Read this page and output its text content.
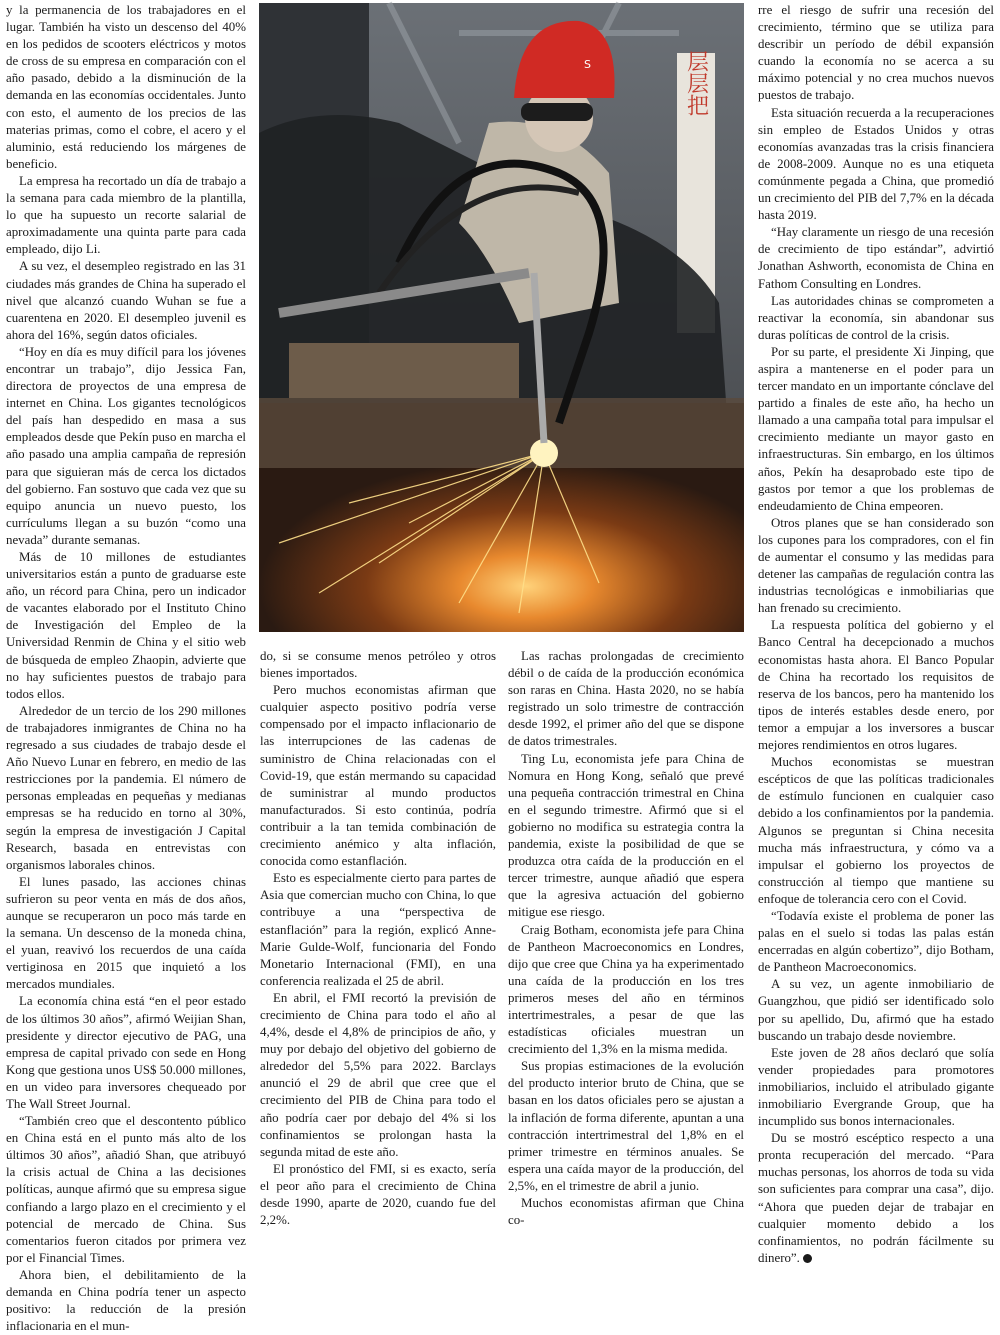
y la permanencia de los trabajadores en el lugar. También ha visto un descenso del 40% en los pedidos de scooters eléctricos y motos de cross de su empresa en comparación con el año pasado, debido a la disminución de la demanda en las economías occidentales. Junto con esto, el aumento de los precios de las materias primas, como el cobre, el acero y el aluminio, está reduciendo los márgenes de beneficio.

La empresa ha recortado un día de trabajo a la semana para cada miembro de la plantilla, lo que ha supuesto un recorte salarial de aproximadamente una quinta parte para cada empleado, dijo Li.

A su vez, el desempleo registrado en las 31 ciudades más grandes de China ha superado el nivel que alcanzó cuando Wuhan se fue a cuarentena en 2020. El desempleo juvenil es ahora del 16%, según datos oficiales.

“Hoy en día es muy difícil para los jóvenes encontrar un trabajo”, dijo Jessica Fan, directora de proyectos de una empresa de internet en China. Los gigantes tecnológicos del país han despedido en masa a sus empleados desde que Pekín puso en marcha el año pasado una amplia campaña de represión para que siguieran más de cerca los dictados del gobierno. Fan sostuvo que cada vez que su equipo anuncia un nuevo puesto, los currículums llegan a su buzón “como una nevada” durante semanas.

Más de 10 millones de estudiantes universitarios están a punto de graduarse este año, un récord para China, pero un indicador de vacantes elaborado por el Instituto Chino de Investigación del Empleo de la Universidad Renmin de China y el sitio web de búsqueda de empleo Zhaopin, advierte que no hay suficientes puestos de trabajo para todos ellos.

Alrededor de un tercio de los 290 millones de trabajadores inmigrantes de China no ha regresado a sus ciudades de trabajo desde el Año Nuevo Lunar en febrero, en medio de las restricciones por la pandemia. El número de personas empleadas en pequeñas y medianas empresas se ha reducido en torno al 30%, según la empresa de investigación J Capital Research, basada en entrevistas con organismos laborales chinos.

El lunes pasado, las acciones chinas sufrieron su peor venta en más de dos años, aunque se recuperaron un poco más tarde en la semana. Un descenso de la moneda china, el yuan, reavivó los recuerdos de una caída vertiginosa en 2015 que inquietó a los mercados mundiales.

La economía china está “en el peor estado de los últimos 30 años”, afirmó Weijian Shan, presidente y director ejecutivo de PAG, una empresa de capital privado con sede en Hong Kong que gestiona unos US$ 50.000 millones, en un video para inversores chequeado por The Wall Street Journal.

“También creo que el descontento público en China está en el punto más alto de los últimos 30 años”, añadió Shan, que atribuyó la crisis actual de China a las decisiones políticas, aunque afirmó que su empresa sigue confiando a largo plazo en el crecimiento y el potencial de mercado de China. Sus comentarios fueron citados por primera vez por el Financial Times.

Ahora bien, el debilitamiento de la demanda en China podría tener un aspecto positivo: la reducción de la presión inflacionaria en el mun-

层层把
S

do, si se consume menos petróleo y otros bienes importados.

Pero muchos economistas afirman que cualquier aspecto positivo podría verse compensado por el impacto inflacionario de las interrupciones de las cadenas de suministro de China relacionadas con el Covid-19, que están mermando su capacidad de suministrar al mundo productos manufacturados. Si esto continúa, podría contribuir a la tan temida combinación de crecimiento anémico y alta inflación, conocida como estanflación.

Esto es especialmente cierto para partes de Asia que comercian mucho con China, lo que contribuye a una “perspectiva de estanflación” para la región, explicó Anne-Marie Gulde-Wolf, funcionaria del Fondo Monetario Internacional (FMI), en una conferencia realizada el 25 de abril.

En abril, el FMI recortó la previsión de crecimiento de China para todo el año al 4,4%, desde el 4,8% de principios de año, y muy por debajo del objetivo del gobierno de alrededor del 5,5% para 2022. Barclays anunció el 29 de abril que cree que el crecimiento del PIB de China para todo el año podría caer por debajo del 4% si los confinamientos se prolongan hasta la segunda mitad de este año.

El pronóstico del FMI, si es exacto, sería el peor año para el crecimiento de China desde 1990, aparte de 2020, cuando fue del 2,2%.

Las rachas prolongadas de crecimiento débil o de caída de la producción económica son raras en China. Hasta 2020, no se había registrado un solo trimestre de contracción desde 1992, el primer año del que se dispone de datos trimestrales.

Ting Lu, economista jefe para China de Nomura en Hong Kong, señaló que prevé una pequeña contracción trimestral en China en el segundo trimestre. Afirmó que si el gobierno no modifica su estrategia contra la pandemia, existe la posibilidad de que se produzca otra caída de la producción en el tercer trimestre, aunque añadió que espera que la agresiva actuación del gobierno mitigue ese riesgo.

Craig Botham, economista jefe para China de Pantheon Macroeconomics en Londres, dijo que cree que China ya ha experimentado una caída de la producción en los tres primeros meses del año en términos intertrimestrales, a pesar de que las estadísticas oficiales muestran un crecimiento del 1,3% en la misma medida.

Sus propias estimaciones de la evolución del producto interior bruto de China, que se basan en los datos oficiales pero se ajustan a la inflación de forma diferente, apuntan a una contracción intertrimestral del 1,8% en el primer trimestre en términos anuales. Se espera una caída mayor de la producción, del 2,5%, en el trimestre de abril a junio.

Muchos economistas afirman que China co-

rre el riesgo de sufrir una recesión del crecimiento, término que se utiliza para describir un período de débil expansión cuando la economía no se acerca a su máximo potencial y no crea muchos nuevos puestos de trabajo.

Esta situación recuerda a la recuperaciones sin empleo de Estados Unidos y otras economías avanzadas tras la crisis financiera de 2008-2009. Aunque no es una etiqueta comúnmente pegada a China, que promedió un crecimiento del PIB del 7,7% en la década hasta 2019.

“Hay claramente un riesgo de una recesión de crecimiento de tipo estándar”, advirtió Jonathan Ashworth, economista de China en Fathom Consulting en Londres.

Las autoridades chinas se comprometen a reactivar la economía, sin abandonar sus duras políticas de control de la crisis.

Por su parte, el presidente Xi Jinping, que aspira a mantenerse en el poder para un tercer mandato en un importante cónclave del partido a finales de este año, ha hecho un llamado a una campaña total para impulsar el crecimiento mediante un mayor gasto en infraestructuras. Sin embargo, en los últimos años, Pekín ha desaprobado este tipo de gastos por temor a que los problemas de endeudamiento de China empeoren.

Otros planes que se han considerado son los cupones para los compradores, con el fin de aumentar el consumo y las medidas para detener las campañas de regulación contra las industrias tecnológicas e inmobiliarias que han frenado su crecimiento.

La respuesta política del gobierno y el Banco Central ha decepcionado a muchos economistas hasta ahora. El Banco Popular de China ha recortado los requisitos de reserva de los bancos, pero ha mantenido los tipos de interés estables desde enero, por temor a empujar a los inversores a buscar mejores rendimientos en otros lugares.

Muchos economistas se muestran escépticos de que las políticas tradicionales de estímulo funcionen en cualquier caso debido a los confinamientos por la pandemia. Algunos se preguntan si China necesita mucha más infraestructura, y cómo va a impulsar el gobierno los proyectos de construcción al tiempo que mantiene su enfoque de tolerancia cero con el Covid.

“Todavía existe el problema de poner las palas en el suelo si todas las palas están encerradas en algún cobertizo”, dijo Botham, de Pantheon Macroeconomics.

A su vez, un agente inmobiliario de Guangzhou, que pidió ser identificado solo por su apellido, Du, afirmó que ha estado buscando un trabajo desde noviembre.

Este joven de 28 años declaró que solía vender propiedades para promotores inmobiliarios, incluido el atribulado gigante inmobiliario Evergrande Group, que ha incumplido sus bonos internacionales.

Du se mostró escéptico respecto a una pronta recuperación del mercado. “Para muchas personas, los ahorros de toda su vida son suficientes para comprar una casa”, dijo. “Ahora que pueden dejar de trabajar en cualquier momento debido a los confinamientos, no podrán fácilmente su dinero”. ●
